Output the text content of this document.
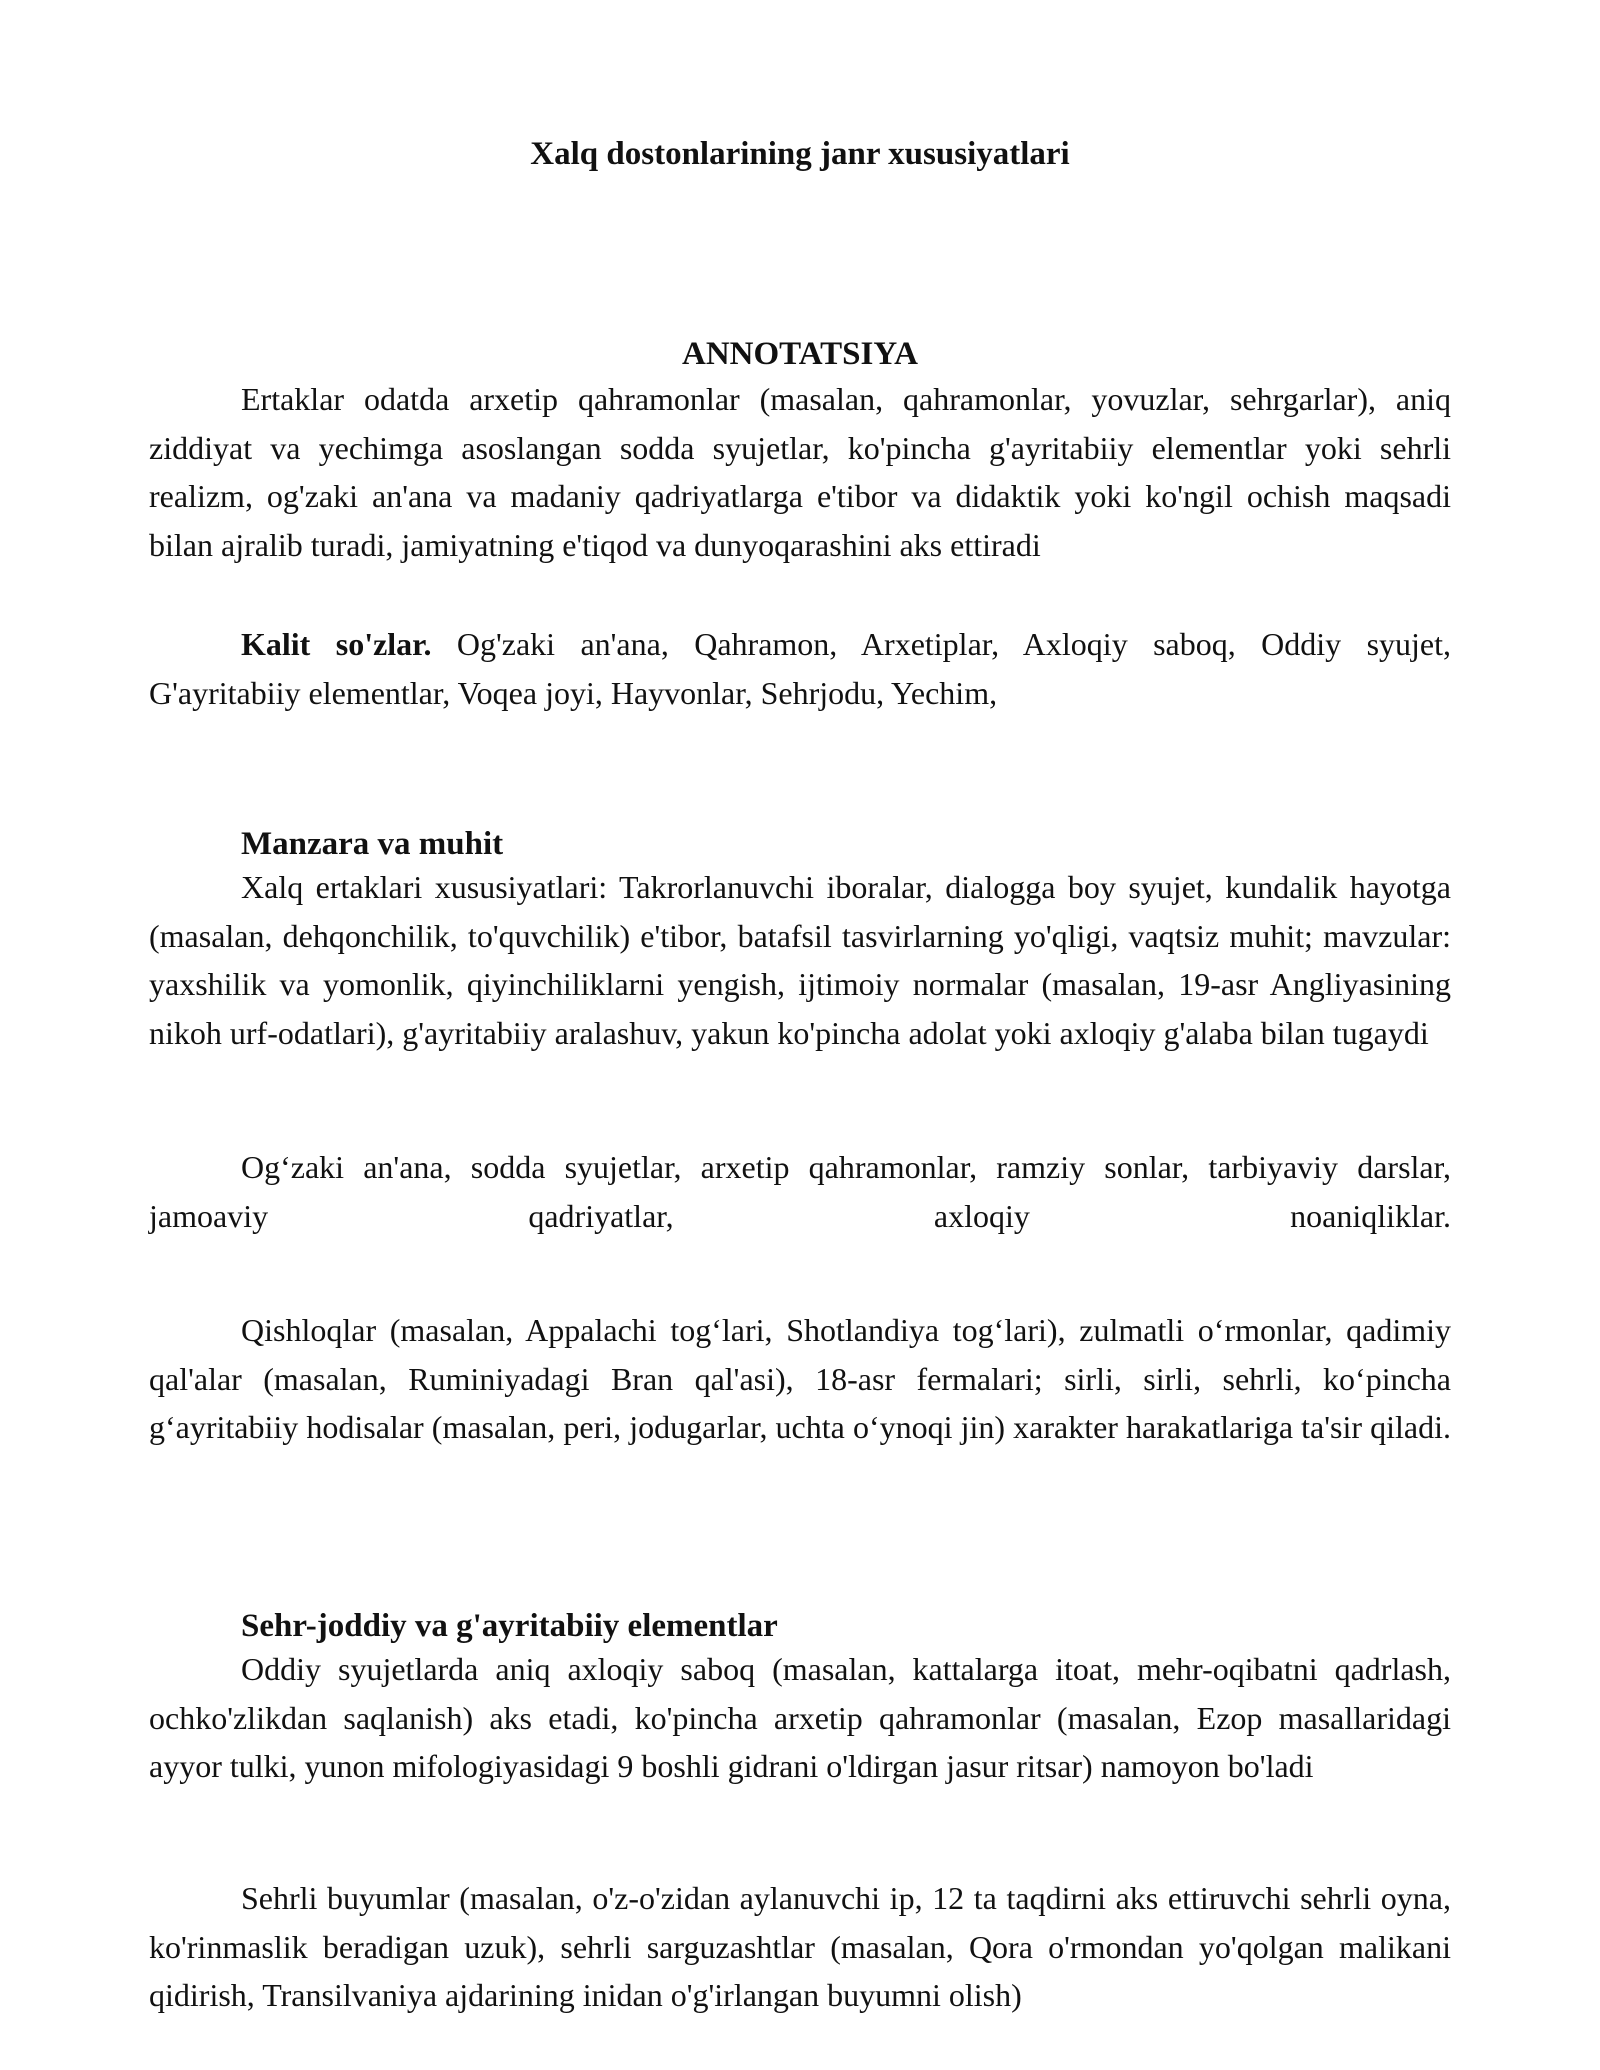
Xalq dostonlarining janr xususiyatlari
ANNOTATSIYA

Ertaklar odatda arxetip qahramonlar (masalan, qahramonlar, yovuzlar, sehrgarlar), aniq ziddiyat va yechimga asoslangan sodda syujetlar, ko'pincha g'ayritabiiy elementlar yoki sehrli realizm, og'zaki an'ana va madaniy qadriyatlarga e'tibor va didaktik yoki ko'ngil ochish maqsadi bilan ajralib turadi, jamiyatning e'tiqod va dunyoqarashini aks ettiradi

Kalit so'zlar. Og'zaki an'ana, Qahramon, Arxetiplar, Axloqiy saboq, Oddiy syujet, G'ayritabiiy elementlar, Voqea joyi, Hayvonlar, Sehrjodu, Yechim,

Manzara va muhit

Xalq ertaklari xususiyatlari: Takrorlanuvchi iboralar, dialogga boy syujet, kundalik hayotga (masalan, dehqonchilik, to'quvchilik) e'tibor, batafsil tasvirlarning yo'qligi, vaqtsiz muhit; mavzular: yaxshilik va yomonlik, qiyinchiliklarni yengish, ijtimoiy normalar (masalan, 19-asr Angliyasining nikoh urf-odatlari), g'ayritabiiy aralashuv, yakun ko'pincha adolat yoki axloqiy g'alaba bilan tugaydi

Og‘zaki an'ana, sodda syujetlar, arxetip qahramonlar, ramziy sonlar, tarbiyaviy darslar, jamoaviy qadriyatlar, axloqiy noaniqliklar.

Qishloqlar (masalan, Appalachi tog‘lari, Shotlandiya tog‘lari), zulmatli o‘rmonlar, qadimiy qal'alar (masalan, Ruminiyadagi Bran qal'asi), 18-asr fermalari; sirli, sirli, sehrli, ko‘pincha g‘ayritabiiy hodisalar (masalan, peri, jodugarlar, uchta o‘ynoqi jin) xarakter harakatlariga ta'sir qiladi.

Sehr-joddiy va g'ayritabiiy elementlar

Oddiy syujetlarda aniq axloqiy saboq (masalan, kattalarga itoat, mehr-oqibatni qadrlash, ochko'zlikdan saqlanish) aks etadi, ko'pincha arxetip qahramonlar (masalan, Ezop masallaridagi ayyor tulki, yunon mifologiyasidagi 9 boshli gidrani o'ldirgan jasur ritsar) namoyon bo'ladi

Sehrli buyumlar (masalan, o'z-o'zidan aylanuvchi ip, 12 ta taqdirni aks ettiruvchi sehrli oyna, ko'rinmaslik beradigan uzuk), sehrli sarguzashtlar (masalan, Qora o'rmondan yo'qolgan malikani qidirish, Transilvaniya ajdarining inidan o'g'irlangan buyumni olish)
